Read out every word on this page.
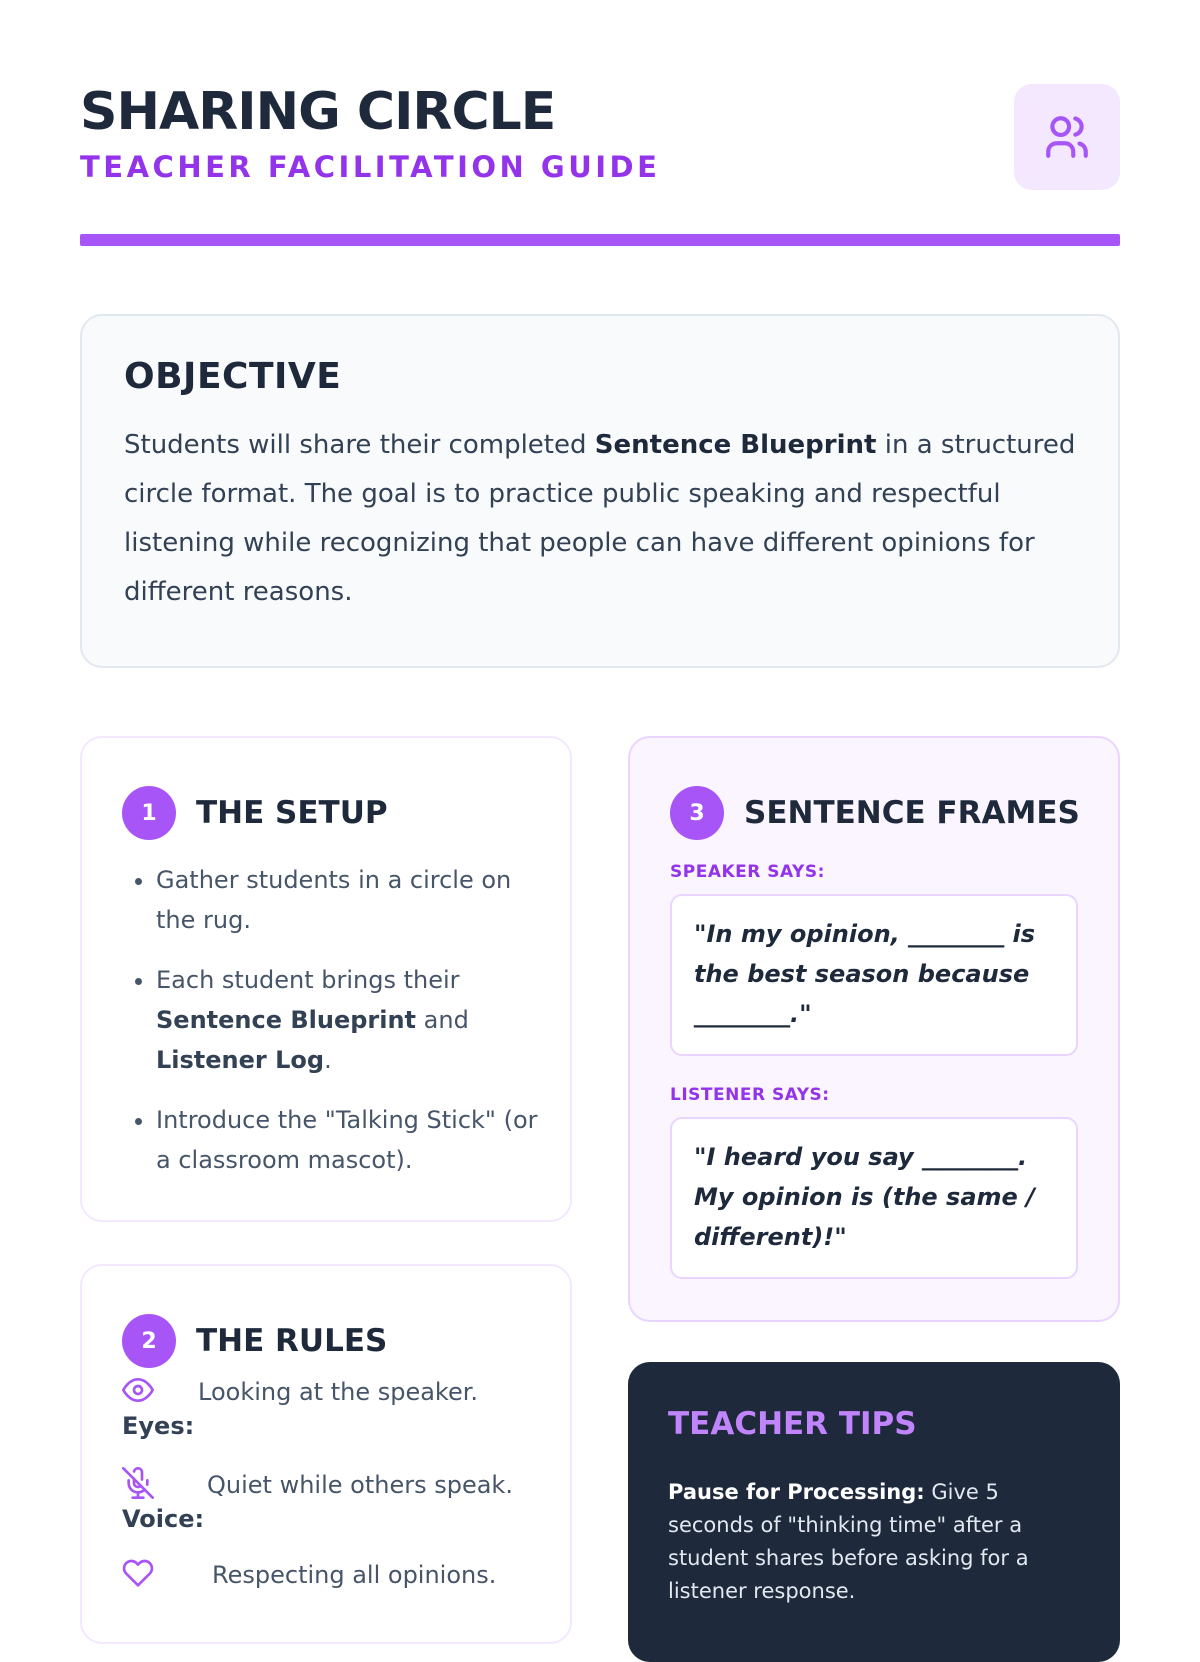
SHARING CIRCLE
TEACHER FACILITATION GUIDE
OBJECTIVE

Students will share their completed Sentence Blueprint in a structured circle format. The goal is to practice public speaking and respectful listening while recognizing that people can have different opinions for different reasons.

1	THE SETUP
• Gather students in a circle on the rug.
• Each student brings their Sentence Blueprint and Listener Log.
• Introduce the "Talking Stick" (or a classroom mascot).
2	THE RULES
Looking at the speaker.
Eyes:
Quiet while others speak.
Voice:
Respecting all opinions.
3	SENTENCE FRAMES
SPEAKER SAYS:
"In my opinion, ________ is the best season because ________."
LISTENER SAYS:
"I heard you say ________. My opinion is (the same / different)!"
TEACHER TIPS
Pause for Processing: Give 5 seconds of "thinking time" after a student shares before asking for a listener response.
